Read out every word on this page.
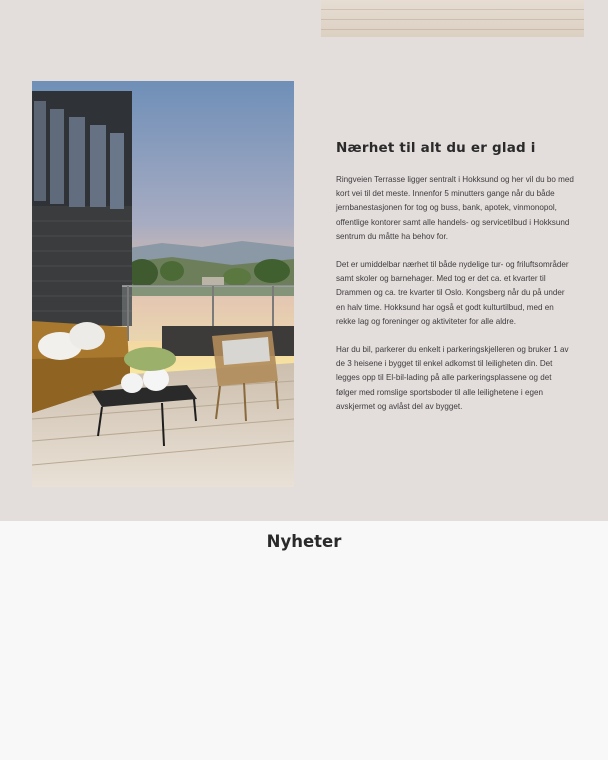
Nærhet til alt du er glad i

Ringveien Terrasse ligger sentralt i Hokksund og her vil du bo med kort vei til det meste. Innenfor 5 minutters gange når du både jernbanestasjonen for tog og buss, bank, apotek, vinmonopol, offentlige kontorer samt alle handels- og servicetilbud i Hokksund sentrum du måtte ha behov for.

Det er umiddelbar nærhet til både nydelige tur- og friluftsområder samt skoler og barnehager. Med tog er det ca. et kvarter til Drammen og ca. tre kvarter til Oslo. Kongsberg når du på under en halv time. Hokksund har også et godt kulturtilbud, med en rekke lag og foreninger og aktiviteter for alle aldre.

Har du bil, parkerer du enkelt i parkeringskjelleren og bruker 1 av de 3 heisene i bygget til enkel adkomst til leiligheten din. Det legges opp til El-bil-lading på alle parkeringsplassene og det følger med romslige sportsboder til alle leilighetene i egen avskjermet og avlåst del av bygget.

Nyheter
